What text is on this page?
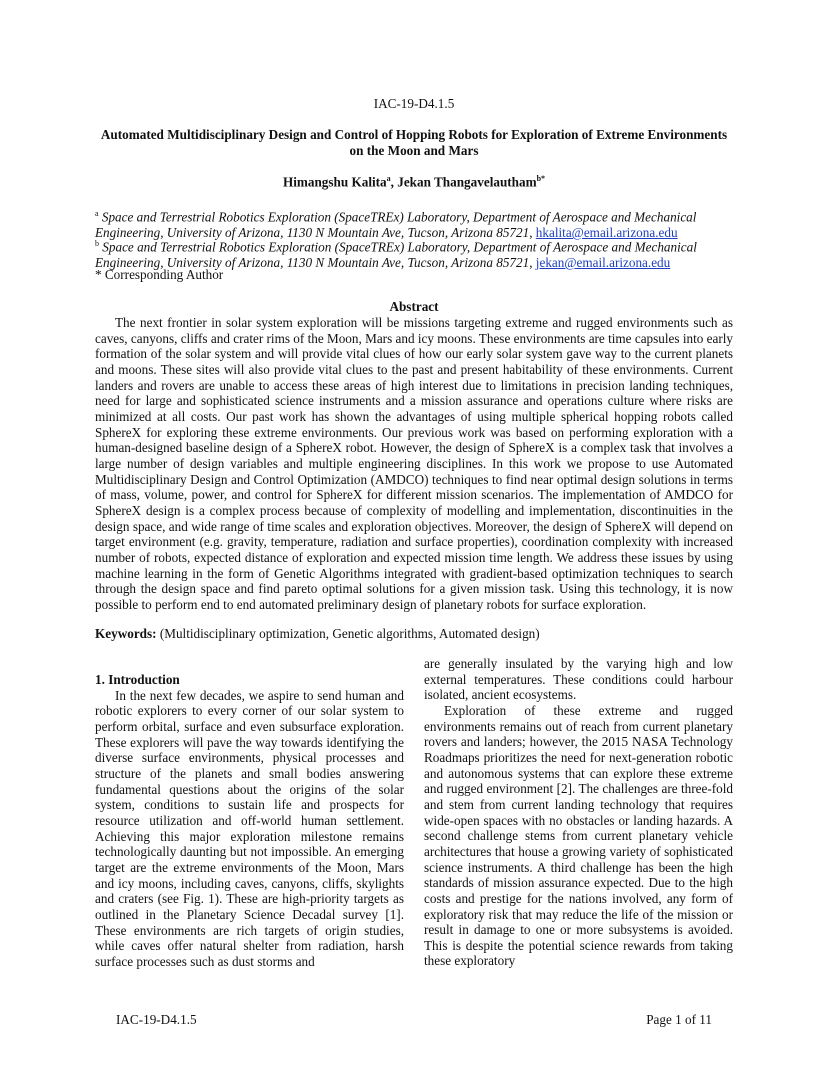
IAC-19-D4.1.5
Automated Multidisciplinary Design and Control of Hopping Robots for Exploration of Extreme Environments on the Moon and Mars
Himangshu Kalita$^a$, Jekan Thangavelautham$^{b*}$
$^a$ Space and Terrestrial Robotics Exploration (SpaceTREx) Laboratory, Department of Aerospace and Mechanical Engineering, University of Arizona, 1130 N Mountain Ave, Tucson, Arizona 85721, hkalita@email.arizona.edu
$^b$ Space and Terrestrial Robotics Exploration (SpaceTREx) Laboratory, Department of Aerospace and Mechanical Engineering, University of Arizona, 1130 N Mountain Ave, Tucson, Arizona 85721, jekan@email.arizona.edu
* Corresponding Author
Abstract

The next frontier in solar system exploration will be missions targeting extreme and rugged environments such as caves, canyons, cliffs and crater rims of the Moon, Mars and icy moons. These environments are time capsules into early formation of the solar system and will provide vital clues of how our early solar system gave way to the current planets and moons. These sites will also provide vital clues to the past and present habitability of these environments. Current landers and rovers are unable to access these areas of high interest due to limitations in precision landing techniques, need for large and sophisticated science instruments and a mission assurance and operations culture where risks are minimized at all costs. Our past work has shown the advantages of using multiple spherical hopping robots called SphereX for exploring these extreme environments. Our previous work was based on performing exploration with a human-designed baseline design of a SphereX robot. However, the design of SphereX is a complex task that involves a large number of design variables and multiple engineering disciplines. In this work we propose to use Automated Multidisciplinary Design and Control Optimization (AMDCO) techniques to find near optimal design solutions in terms of mass, volume, power, and control for SphereX for different mission scenarios. The implementation of AMDCO for SphereX design is a complex process because of complexity of modelling and implementation, discontinuities in the design space, and wide range of time scales and exploration objectives. Moreover, the design of SphereX will depend on target environment (e.g. gravity, temperature, radiation and surface properties), coordination complexity with increased number of robots, expected distance of exploration and expected mission time length. We address these issues by using machine learning in the form of Genetic Algorithms integrated with gradient-based optimization techniques to search through the design space and find pareto optimal solutions for a given mission task. Using this technology, it is now possible to perform end to end automated preliminary design of planetary robots for surface exploration.

Keywords: (Multidisciplinary optimization, Genetic algorithms, Automated design)

1. Introduction

In the next few decades, we aspire to send human and robotic explorers to every corner of our solar system to perform orbital, surface and even subsurface exploration. These explorers will pave the way towards identifying the diverse surface environments, physical processes and structure of the planets and small bodies answering fundamental questions about the origins of the solar system, conditions to sustain life and prospects for resource utilization and off-world human settlement. Achieving this major exploration milestone remains technologically daunting but not impossible. An emerging target are the extreme environments of the Moon, Mars and icy moons, including caves, canyons, cliffs, skylights and craters (see Fig. 1). These are high-priority targets as outlined in the Planetary Science Decadal survey [1]. These environments are rich targets of origin studies, while caves offer natural shelter from radiation, harsh surface processes such as dust storms and

are generally insulated by the varying high and low external temperatures. These conditions could harbour isolated, ancient ecosystems.

Exploration of these extreme and rugged environments remains out of reach from current planetary rovers and landers; however, the 2015 NASA Technology Roadmaps prioritizes the need for next-generation robotic and autonomous systems that can explore these extreme and rugged environment [2]. The challenges are three-fold and stem from current landing technology that requires wide-open spaces with no obstacles or landing hazards. A second challenge stems from current planetary vehicle architectures that house a growing variety of sophisticated science instruments. A third challenge has been the high standards of mission assurance expected. Due to the high costs and prestige for the nations involved, any form of exploratory risk that may reduce the life of the mission or result in damage to one or more subsystems is avoided. This is despite the potential science rewards from taking these exploratory

IAC-19-D4.1.5	Page 1 of 11
